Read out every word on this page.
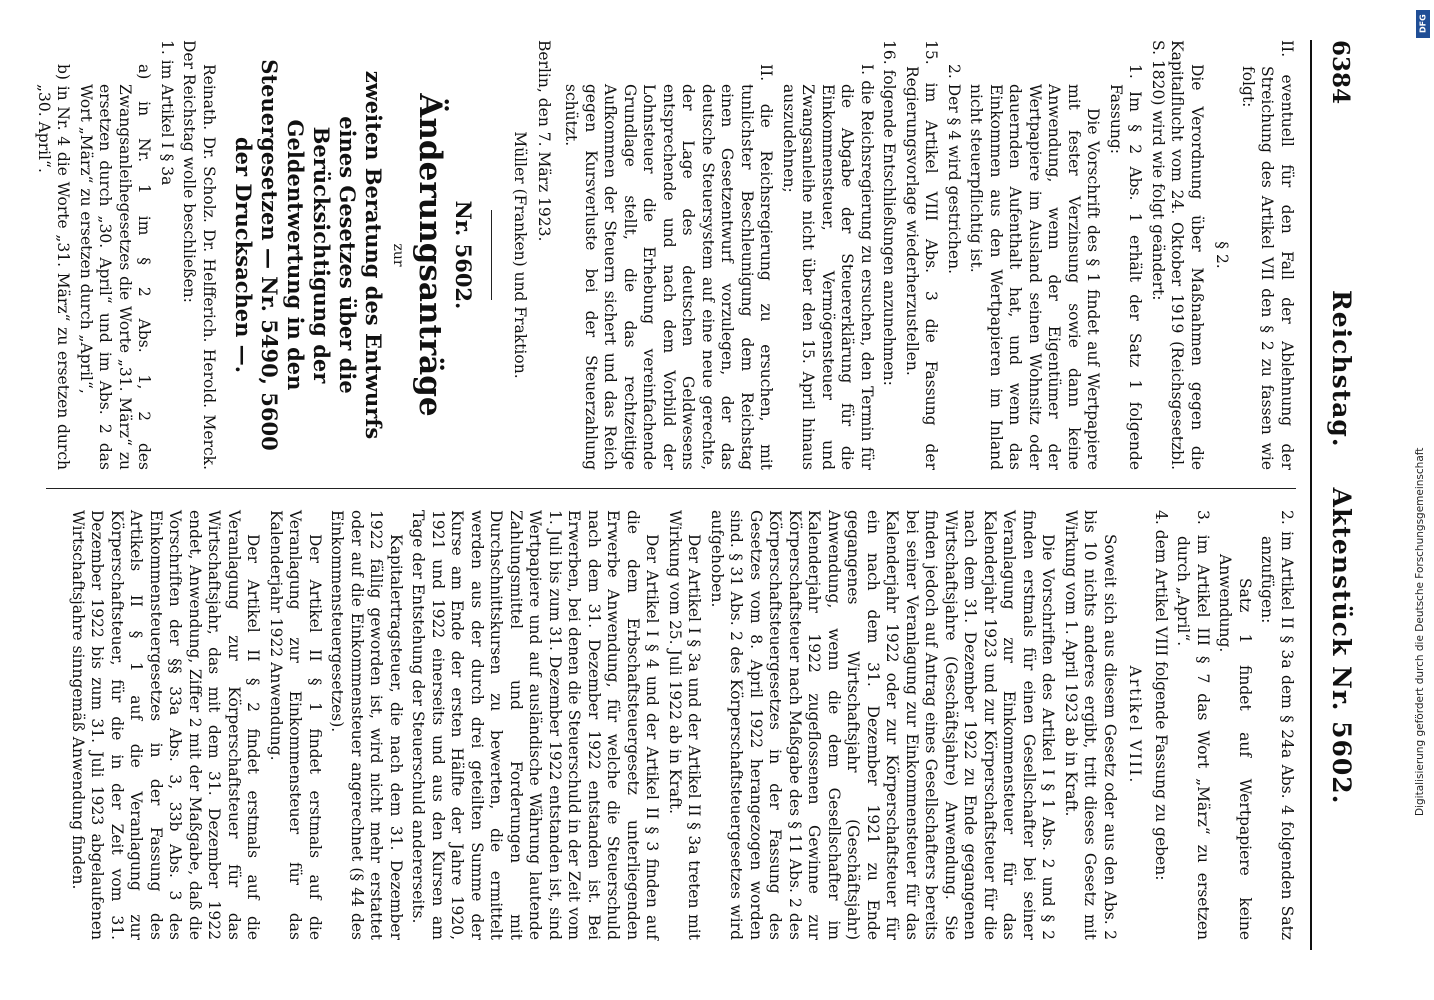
6384
Reichstag.Aktenstück Nr. 5602.

II. eventuell für den Fall der Ablehnung der Streichung des Artikel VII den § 2 zu fassen wie folgt:

§ 2.

Die Verordnung über Maßnahmen gegen die Kapitalflucht vom 24. Oktober 1919 (Reichsgesetzbl. S. 1820) wird wie folgt geändert:

1. Im § 2 Abs. 1 erhält der Satz 1 folgende Fassung:

Die Vorschrift des § 1 findet auf Wertpapiere mit fester Verzinsung sowie dann keine Anwendung, wenn der Eigentümer der Wertpapiere im Ausland seinen Wohnsitz oder dauernden Aufenthalt hat, und wenn das Einkommen aus den Wertpapieren im Inland nicht steuerpflichtig ist.

2. Der § 4 wird gestrichen.

15. im Artikel VIII Abs. 3 die Fassung der Regierungsvorlage wiederherzustellen.

16. folgende Entschließungen anzunehmen:

I. die Reichsregierung zu ersuchen, den Termin für die Abgabe der Steuererklärung für die Einkommensteuer, Vermögensteuer und Zwangsanleihe nicht über den 15. April hinaus auszudehnen;

II. die Reichsregierung zu ersuchen, mit tunlichster Beschleunigung dem Reichstag einen Gesetzentwurf vorzulegen, der das deutsche Steuersystem auf eine neue gerechte, der Lage des deutschen Geldwesens entsprechende und nach dem Vorbild der Lohnsteuer die Erhebung vereinfachende Grundlage stellt, die das rechtzeitige Aufkommen der Steuern sichert und das Reich gegen Kursverluste bei der Steuerzahlung schützt.

Berlin, den 7. März 1923.

Müller (Franken) und Fraktion.

Nr. 5602.

Änderungsanträge

zur

zweiten Beratung des Entwurfs eines Gesetzes über die Berücksichtigung der Geldentwertung in den Steuergesetzen — Nr. 5490, 5600 der Drucksachen —.

Reinath. Dr. Scholz. Dr. Helfferich. Herold. Merck. Der Reichstag wolle beschließen:

1. im Artikel I § 3a

a) in Nr. 1 im § 2 Abs. 1, 2 des Zwangsanleihegesetzes die Worte „31. März“ zu ersetzen durch „30. April“ und im Abs. 2 das Wort „März“ zu ersetzen durch „April“,

b) in Nr. 4 die Worte „31. März“ zu ersetzen durch „30. April“.

2. im Artikel II § 3a dem § 24a Abs. 4 folgenden Satz anzufügen:

Satz 1 findet auf Wertpapiere keine Anwendung.

3. im Artikel III § 7 das Wort „März“ zu ersetzen durch „April“.

4. dem Artikel VIII folgende Fassung zu geben:

Artikel VIII.

Soweit sich aus diesem Gesetz oder aus den Abs. 2 bis 10 nichts anderes ergibt, tritt dieses Gesetz mit Wirkung vom 1. April 1923 ab in Kraft.

Die Vorschriften des Artikel I § 1 Abs. 2 und § 2 finden erstmals für einen Gesellschafter bei seiner Veranlagung zur Einkommensteuer für das Kalenderjahr 1923 und zur Körperschaftsteuer für die nach dem 31. Dezember 1922 zu Ende gegangenen Wirtschaftsjahre (Geschäftsjahre) Anwendung. Sie finden jedoch auf Antrag eines Gesellschafters bereits bei seiner Veranlagung zur Einkommensteuer für das Kalenderjahr 1922 oder zur Körperschaftsteuer für ein nach dem 31. Dezember 1921 zu Ende gegangenes Wirtschaftsjahr (Geschäftsjahr) Anwendung, wenn die dem Gesellschafter im Kalenderjahr 1922 zugeflossenen Gewinne zur Körperschaftsteuer nach Maßgabe des § 11 Abs. 2 des Körperschaftsteuergesetzes in der Fassung des Gesetzes vom 8. April 1922 herangezogen worden sind. § 31 Abs. 2 des Körperschaftsteuergesetzes wird aufgehoben.

Der Artikel I § 3a und der Artikel II § 3a treten mit Wirkung vom 25. Juli 1922 ab in Kraft.

Der Artikel I § 4 und der Artikel II § 3 finden auf die dem Erbschaftsteuergesetz unterliegenden Erwerbe Anwendung, für welche die Steuerschuld nach dem 31. Dezember 1922 entstanden ist. Bei Erwerben, bei denen die Steuerschuld in der Zeit vom 1. Juli bis zum 31. Dezember 1922 entstanden ist, sind Wertpapiere und auf ausländische Währung lautende Zahlungsmittel und Forderungen mit Durchschnittskursen zu bewerten, die ermittelt werden aus der durch drei geteilten Summe der Kurse am Ende der ersten Hälfte der Jahre 1920, 1921 und 1922 einerseits und aus den Kursen am Tage der Entstehung der Steuerschuld andererseits.

Kapitalertragsteuer, die nach dem 31. Dezember 1922 fällig geworden ist, wird nicht mehr erstattet oder auf die Einkommensteuer angerechnet (§ 44 des Einkommensteuergesetzes).

Der Artikel II § 1 findet erstmals auf die Veranlagung zur Einkommensteuer für das Kalenderjahr 1922 Anwendung.

Der Artikel II § 2 findet erstmals auf die Veranlagung zur Körperschaftsteuer für das Wirtschaftsjahr, das mit dem 31. Dezember 1922 endet, Anwendung, Ziffer 2 mit der Maßgabe, daß die Vorschriften der §§ 33a Abs. 3, 33b Abs. 3 des Einkommensteuergesetzes in der Fassung des Artikels II § 1 auf die Veranlagung zur Körperschaftsteuer, für die in der Zeit vom 31. Dezember 1922 bis zum 31. Juli 1923 abgelaufenen Wirtschaftsjahre sinngemäß Anwendung finden.

DFG
Digitalisierung gefördert durch die Deutsche Forschungsgemeinschaft
